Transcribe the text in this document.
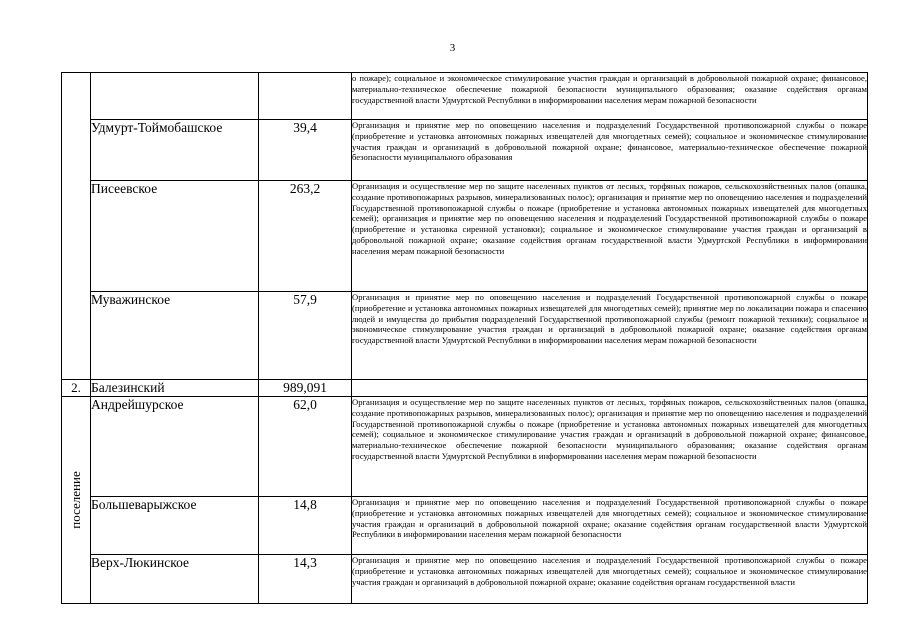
3
			о пожаре); социальное и экономическое стимулирование участия граждан и организаций в добровольной пожарной охране; финансовое, материально-техническое обеспечение пожарной безопасности муниципального образования; оказание содействия органам государственной власти Удмуртской Республики в информировании населения мерам пожарной безопасности
	Удмурт-Тоймобашское	39,4	Организация и принятие мер по оповещению населения и подразделений Государственной противопожарной службы о пожаре (приобретение и установка автономных пожарных извещателей для многодетных семей); социальное и экономическое стимулирование участия граждан и организаций в добровольной пожарной охране; финансовое, материально-техническое обеспечение пожарной безопасности муниципального образования
	Писеевское	263,2	Организация и осуществление мер по защите населенных пунктов от лесных, торфяных пожаров, сельскохозяйственных палов (опашка, создание противопожарных разрывов, минерализованных полос); организация и принятие мер по оповещению населения и подразделений Государственной противопожарной службы о пожаре (приобретение и установка автономных пожарных извещателей для многодетных семей); организация и принятие мер по оповещению населения и подразделений Государственной противопожарной службы о пожаре (приобретение и установка сиренной установки); социальное и экономическое стимулирование участия граждан и организаций в добровольной пожарной охране; оказание содействия органам государственной власти Удмуртской Республики в информировании населения мерам пожарной безопасности
	Муважинское	57,9	Организация и принятие мер по оповещению населения и подразделений Государственной противопожарной службы о пожаре (приобретение и установка автономных пожарных извещателей для многодетных семей); принятие мер по локализации пожара и спасению людей и имущества до прибытия подразделений Государственной противопожарной службы (ремонт пожарной техники); социальное и экономическое стимулирование участия граждан и организаций в добровольной пожарной охране; оказание содействия органам государственной власти Удмуртской Республики в информировании населения мерам пожарной безопасности
2.	Балезинский	989,091	

поселение	Андрейшурское	62,0	Организация и осуществление мер по защите населенных пунктов от лесных, торфяных пожаров, сельскохозяйственных палов (опашка, создание противопожарных разрывов, минерализованных полос); организация и принятие мер по оповещению населения и подразделений Государственной противопожарной службы о пожаре (приобретение и установка автономных пожарных извещателей для многодетных семей); социальное и экономическое стимулирование участия граждан и организаций в добровольной пожарной охране; финансовое, материально-техническое обеспечение пожарной безопасности муниципального образования; оказание содействия органам государственной власти Удмуртской Республики в информировании населения мерам пожарной безопасности
	Большеварыжское	14,8	Организация и принятие мер по оповещению населения и подразделений Государственной противопожарной службы о пожаре (приобретение и установка автономных пожарных извещателей для многодетных семей); социальное и экономическое стимулирование участия граждан и организаций в добровольной пожарной охране; оказание содействия органам государственной власти Удмуртской Республики в информировании населения мерам пожарной безопасности
	Верх-Люкинское	14,3	Организация и принятие мер по оповещению населения и подразделений Государственной противопожарной службы о пожаре (приобретение и установка автономных пожарных извещателей для многодетных семей); социальное и экономическое стимулирование участия граждан и организаций в добровольной пожарной охране; оказание содействия органам государственной власти
